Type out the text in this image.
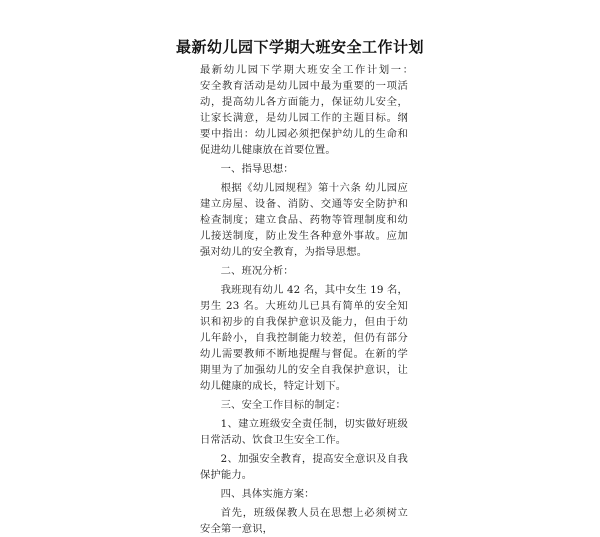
最新幼儿园下学期大班安全工作计划

最新幼儿园下学期大班安全工作计划一：　　安全教育活动是幼儿园中最为重要的一项活动，提高幼儿各方面能力，保证幼儿安全，让家长满意，是幼儿园工作的主题目标。纲要中指出：幼儿园必须把保护幼儿的生命和促进幼儿健康放在首要位置。

一、指导思想：

根据《幼儿园规程》第十六条 幼儿园应建立房屋、设备、消防、交通等安全防护和检查制度；建立食品、药物等管理制度和幼儿接送制度，防止发生各种意外事故。应加强对幼儿的安全教育，为指导思想。

二、班况分析：

我班现有幼儿 42 名，其中女生 19 名，男生 23 名。大班幼儿已具有简单的安全知识和初步的自我保护意识及能力，但由于幼儿年龄小，自我控制能力较差，但仍有部分幼儿需要教师不断地提醒与督促。在新的学期里为了加强幼儿的安全自我保护意识，让幼儿健康的成长，特定计划下。

三、安全工作目标的制定：

1、建立班级安全责任制，切实做好班级日常活动、饮食卫生安全工作。

2、加强安全教育，提高安全意识及自我保护能力。

四、具体实施方案：

首先，班级保教人员在思想上必须树立安全第一意识，
